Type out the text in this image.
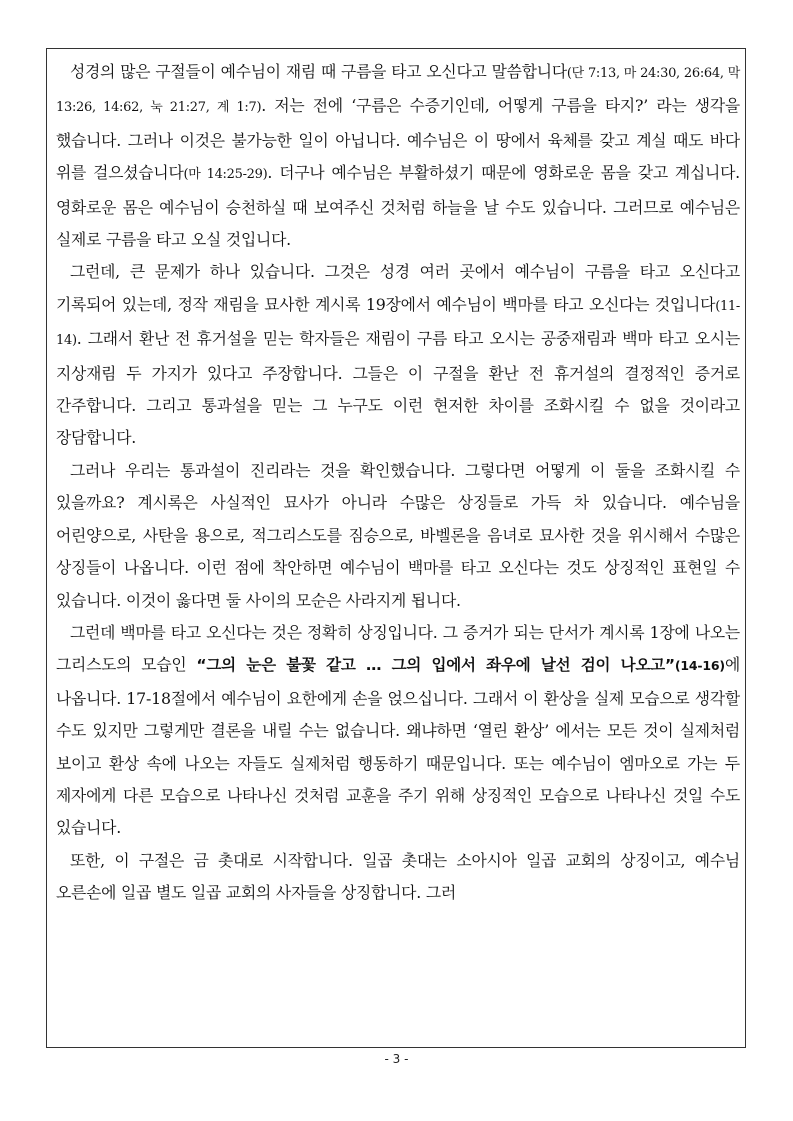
성경의 많은 구절들이 예수님이 재림 때 구름을 타고 오신다고 말씀합니다(단 7:13, 마 24:30, 26:64, 막 13:26, 14:62, 눅 21:27, 계 1:7). 저는 전에 ‘구름은 수증기인데, 어떻게 구름을 타지?’ 라는 생각을 했습니다. 그러나 이것은 불가능한 일이 아닙니다. 예수님은 이 땅에서 육체를 갖고 계실 때도 바다 위를 걸으셨습니다(마 14:25-29). 더구나 예수님은 부활하셨기 때문에 영화로운 몸을 갖고 계십니다. 영화로운 몸은 예수님이 승천하실 때 보여주신 것처럼 하늘을 날 수도 있습니다. 그러므로 예수님은 실제로 구름을 타고 오실 것입니다.

그런데, 큰 문제가 하나 있습니다. 그것은 성경 여러 곳에서 예수님이 구름을 타고 오신다고 기록되어 있는데, 정작 재림을 묘사한 계시록 19장에서 예수님이 백마를 타고 오신다는 것입니다(11-14). 그래서 환난 전 휴거설을 믿는 학자들은 재림이 구름 타고 오시는 공중재림과 백마 타고 오시는 지상재림 두 가지가 있다고 주장합니다. 그들은 이 구절을 환난 전 휴거설의 결정적인 증거로 간주합니다. 그리고 통과설을 믿는 그 누구도 이런 현저한 차이를 조화시킬 수 없을 것이라고 장담합니다.

그러나 우리는 통과설이 진리라는 것을 확인했습니다. 그렇다면 어떻게 이 둘을 조화시킬 수 있을까요? 계시록은 사실적인 묘사가 아니라 수많은 상징들로 가득 차 있습니다. 예수님을 어린양으로, 사탄을 용으로, 적그리스도를 짐승으로, 바벨론을 음녀로 묘사한 것을 위시해서 수많은 상징들이 나옵니다. 이런 점에 착안하면 예수님이 백마를 타고 오신다는 것도 상징적인 표현일 수 있습니다. 이것이 옳다면 둘 사이의 모순은 사라지게 됩니다.

그런데 백마를 타고 오신다는 것은 정확히 상징입니다. 그 증거가 되는 단서가 계시록 1장에 나오는 그리스도의 모습인 “그의 눈은 불꽃 같고 … 그의 입에서 좌우에 날선 검이 나오고”(14-16)에 나옵니다. 17-18절에서 예수님이 요한에게 손을 얹으십니다. 그래서 이 환상을 실제 모습으로 생각할 수도 있지만 그렇게만 결론을 내릴 수는 없습니다. 왜냐하면 ‘열린 환상’ 에서는 모든 것이 실제처럼 보이고 환상 속에 나오는 자들도 실제처럼 행동하기 때문입니다. 또는 예수님이 엠마오로 가는 두 제자에게 다른 모습으로 나타나신 것처럼 교훈을 주기 위해 상징적인 모습으로 나타나신 것일 수도 있습니다.

또한, 이 구절은 금 촛대로 시작합니다. 일곱 촛대는 소아시아 일곱 교회의 상징이고, 예수님 오른손에 일곱 별도 일곱 교회의 사자들을 상징합니다. 그러

- 3 -
